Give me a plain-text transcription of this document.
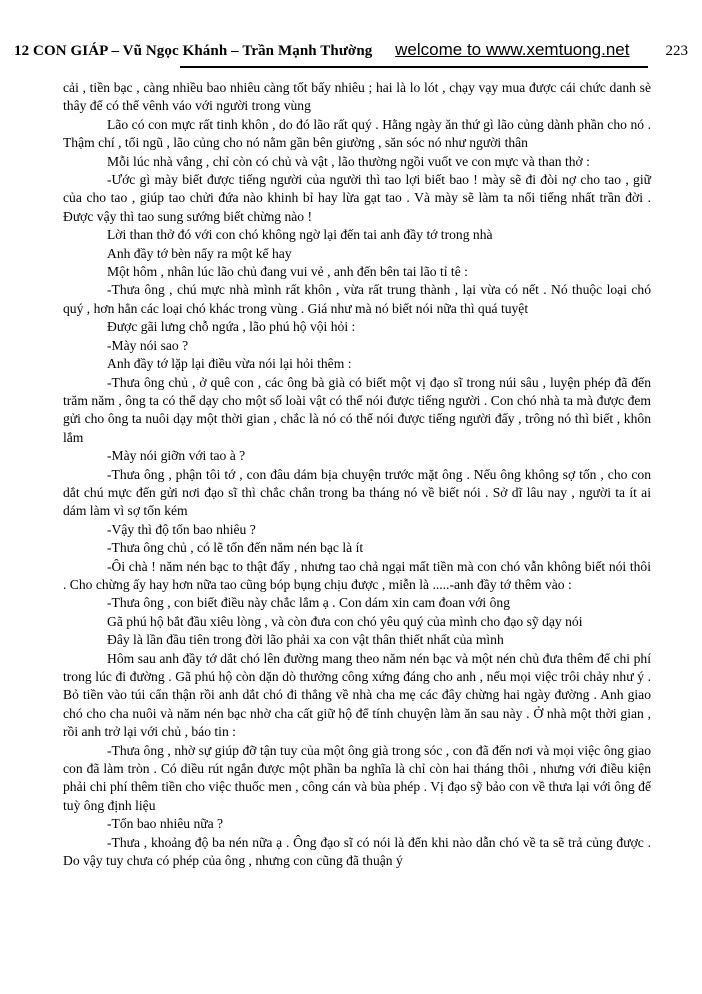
12 CON GIÁP – Vũ Ngọc Khánh – Trần Mạnh Thường welcome to www.xemtuong.net 223

cải , tiền bạc , càng nhiều bao nhiêu càng tốt bấy nhiêu ; hai là lo lót , chạy vạy mua được cái chức danh sè thây để có thể vênh váo với người trong vùng

Lão có con mực rất tinh khôn , do đó lão rất quý . Hằng ngày ăn thứ gì lão củng dành phần cho nó . Thậm chí , tối ngũ , lão củng cho nó nằm gần bên giường , săn sóc nó như người thân

Mỗi lúc nhà vắng , chỉ còn có chủ và vật , lão thường ngồi vuốt ve con mực và than thở :

-Ước gì mày biết được tiếng người của người thì tao lợi biết bao ! mày sẽ đi đòi nợ cho tao , giữ của cho tao , giúp tao chửi đứa nào khinh bỉ hay lừa gạt tao . Và mày sẽ làm ta nổi tiếng nhất trần đời . Được vậy thì tao sung sướng biết chừng nào !

Lời than thở đó với con chó không ngờ lại đến tai anh đầy tớ trong nhà

Anh đầy tớ bèn nẩy ra một kế hay

Một hôm , nhân lúc lão chủ đang vui vẻ , anh đến bên tai lão tỉ tê :

-Thưa ông , chú mực nhà mình rất khôn , vừa rất trung thành , lại vừa có nết . Nó thuộc loại chó quý , hơn hẳn các loại chó khác trong vùng . Giá như mà nó biết nói nữa thì quá tuyệt

Được gãi lưng chỗ ngứa , lão phú hộ vội hỏi :

-Mày nói sao ?

Anh đầy tớ lặp lại điều vừa nói lại hỏi thêm :

-Thưa ông chủ , ở quê con , các ông bà già có biết một vị đạo sĩ trong núi sâu , luyện phép đã đến trăm năm , ông ta có thể dạy cho một số loài vật có thể nói được tiếng người . Con chó nhà ta mà được đem gửi cho ông ta nuôi dạy một thời gian , chắc là nó có thể nói được tiếng người đấy , trông nó thì biết , khôn lắm

-Mày nói giỡn với tao à ?

-Thưa ông , phận tôi tớ , con đâu dám bịa chuyện trước mặt ông . Nếu ông không sợ tốn , cho con dắt chú mực đến gửi nơi đạo sĩ thì chắc chắn trong ba tháng nó về biết nói . Sở dĩ lâu nay , người ta ít ai dám làm vì sợ tốn kém

-Vậy thì độ tốn bao nhiêu ?

-Thưa ông chủ , có lẽ tốn đến năm nén bạc là ít

-Ôi chà ! năm nén bạc to thật đấy , nhưng tao chả ngại mất tiền mà con chó vẫn không biết nói thôi . Cho chừng ấy hay hơn nữa tao cũng bóp bụng chịu được , miễn là .....-anh đầy tớ thêm vào :

-Thưa ông , con biết điều này chắc lắm ạ . Con dám xin cam đoan với ông

Gã phú hộ bắt đầu xiêu lòng , và còn đưa con chó yêu quý của mình cho đạo sỹ dạy nói

Đây là lần đầu tiên trong đời lão phải xa con vật thân thiết nhất của mình

Hôm sau anh đầy tớ dắt chó lên đường mang theo năm nén bạc và một nén chủ đưa thêm để chi phí trong lúc đi đường . Gã phú hộ còn dặn dò thưởng công xứng đáng cho anh , nếu mọi việc trôi chảy như ý . Bỏ tiền vào túi cẩn thận rồi anh dắt chó đi thẳng về nhà cha mẹ các đây chừng hai ngày đường . Anh giao chó cho cha nuôi và năm nén bạc nhờ cha cất giữ hộ để tính chuyện làm ăn sau này . Ở nhà một thời gian , rồi anh trở lại với chủ , báo tin :

-Thưa ông , nhờ sự giúp đỡ tận tuy của một ông già trong sóc , con đã đến nơi và mọi việc ông giao con đã làm tròn . Có diều rút ngắn được một phần ba nghĩa là chỉ còn hai tháng thôi , nhưng với điều kiện phải chi phí thêm tiền cho việc thuốc men , công cán và bùa phép . Vị đạo sỹ bảo con về thưa lại với ông để tuỳ ông định liệu

-Tốn bao nhiêu nữa ?

-Thưa , khoảng độ ba nén nữa ạ . Ông đạo sĩ có nói là đến khi nào dẫn chó về ta sẽ trả củng được . Do vậy tuy chưa có phép của ông , nhưng con cũng đã thuận ý
